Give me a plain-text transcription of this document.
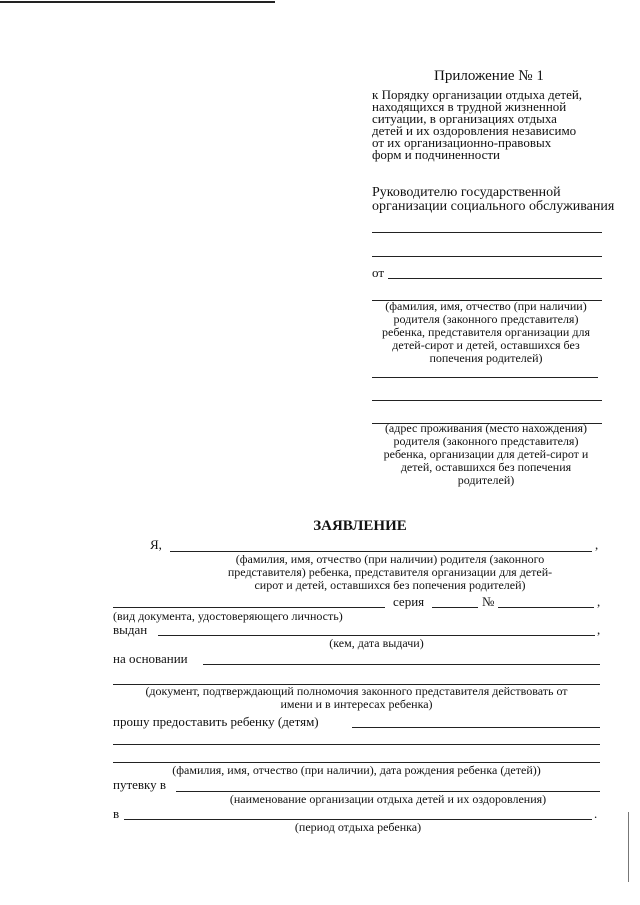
Приложение № 1
к Порядку организации отдыха детей,
находящихся в трудной жизненной
ситуации, в организациях отдыха
детей и их оздоровления независимо
от их организационно-правовых
форм и подчиненности
Руководителю государственной
организации социального обслуживания
от
(фамилия, имя, отчество (при наличии)
родителя (законного представителя)
ребенка, представителя организации для
детей-сирот и детей, оставшихся без
попечения родителей)
(адрес проживания (место нахождения)
родителя (законного представителя)
ребенка, организации для детей-сирот и
детей, оставшихся без попечения
родителей)
ЗАЯВЛЕНИЕ
Я,	,
(фамилия, имя, отчество (при наличии) родителя (законного
представителя) ребенка, представителя организации для детей-
сирот и детей, оставшихся без попечения родителей)
серия	№	,
(вид документа, удостоверяющего личность)
выдан	,
(кем, дата выдачи)
на основании
(документ, подтверждающий полномочия законного представителя действовать от
имени и в интересах ребенка)
прошу предоставить ребенку (детям)
(фамилия, имя, отчество (при наличии), дата рождения ребенка (детей))
путевку в
(наименование организации отдыха детей и их оздоровления)
в	.
(период отдыха ребенка)
